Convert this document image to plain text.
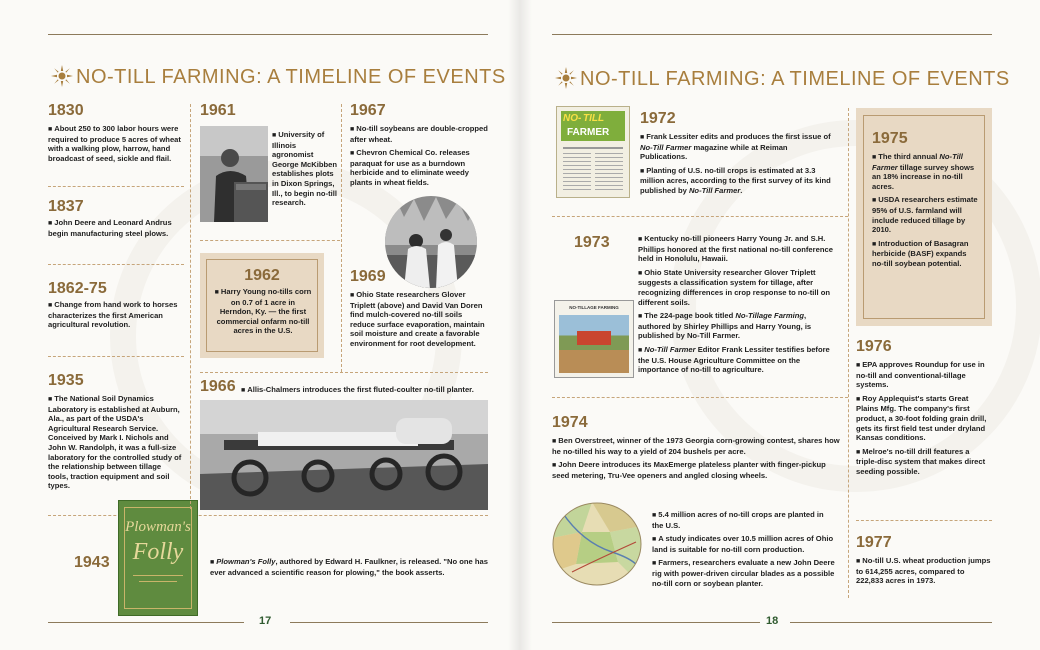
NO-TILL FARMING: A TIMELINE OF EVENTS
1830

■ About 250 to 300 labor hours were required to produce 5 acres of wheat with a walking plow, harrow, hand broadcast of seed, sickle and flail.

1837

■ John Deere and Leonard Andrus begin manufacturing steel plows.

1862-75

■ Change from hand work to horses characterizes the first American agricultural revolution.

1935

■ The National Soil Dynamics Laboratory is established at Auburn, Ala., as part of the USDA's Agricultural Research Service. Conceived by Mark I. Nichols and John W. Randolph, it was a full-size laboratory for the controlled study of the relationship between tillage tools, traction equipment and soil types.

1943
Plowman's
Folly	■ Plowman's Folly, authored by Edward H. Faulkner, is released. "No one has ever advanced a scientific reason for plowing," the book asserts.

1961

■ University of Illinois agronomist George McKibben establishes plots in Dixon Springs, Ill., to begin no-till research.

1962

■ Harry Young no-tills corn on 0.7 of 1 acre in Herndon, Ky. — the first commercial onfarm no-till acres in the U.S.

1967

■ No-till soybeans are double-cropped after wheat.

■ Chevron Chemical Co. releases paraquat for use as a burndown herbicide and to eliminate weedy plants in wheat fields.

1969

■ Ohio State researchers Glover Triplett (above) and David Van Doren find mulch-covered no-till soils reduce surface evaporation, maintain soil moisture and create a favorable environment for root development.

1966	■ Allis-Chalmers introduces the first fluted-coulter no-till planter.

17
NO-TILL FARMING: A TIMELINE OF EVENTS
NO- TILL
FARMER
1972

■ Frank Lessiter edits and produces the first issue of No-Till Farmer magazine while at Reiman Publications.

■ Planting of U.S. no-till crops is estimated at 3.3 million acres, according to the first survey of its kind published by No-Till Farmer.

1973	■ Kentucky no-till pioneers Harry Young Jr. and S.H. Phillips honored at the first national no-till conference held in Honolulu, Hawaii.

■ Ohio State University researcher Glover Triplett suggests a classification system for tillage, after recognizing differences in crop response to no-till on different soils.

■ The 224-page book titled No-Tillage Farming, authored by Shirley Phillips and Harry Young, is published by No-Till Farmer.

■ No-Till Farmer Editor Frank Lessiter testifies before the U.S. House Agriculture Committee on the importance of no-till to agriculture.

NO-TILLAGE FARMING
1974

■ Ben Overstreet, winner of the 1973 Georgia corn-growing contest, shares how he no-tilled his way to a yield of 204 bushels per acre.

■ John Deere introduces its MaxEmerge plateless planter with finger-pickup seed metering, Tru-Vee openers and angled closing wheels.

■ 5.4 million acres of no-till crops are planted in the U.S.

■ A study indicates over 10.5 million acres of Ohio land is suitable for no-till corn production.

■ Farmers, researchers evaluate a new John Deere rig with power-driven circular blades as a possible no-till corn or soybean planter.

1975

■ The third annual No-Till Farmer tillage survey shows an 18% increase in no-till acres.

■ USDA researchers estimate 95% of U.S. farmland will include reduced tillage by 2010.

■ Introduction of Basagran herbicide (BASF) expands no-till soybean potential.

1976

■ EPA approves Roundup for use in no-till and conventional-tillage systems.

■ Roy Applequist's starts Great Plains Mfg. The company's first product, a 30-foot folding grain drill, gets its first field test under dryland Kansas conditions.

■ Melroe's no-till drill features a triple-disc system that makes direct seeding possible.

1977

■ No-till U.S. wheat production jumps to 614,255 acres, compared to 222,833 acres in 1973.

18
